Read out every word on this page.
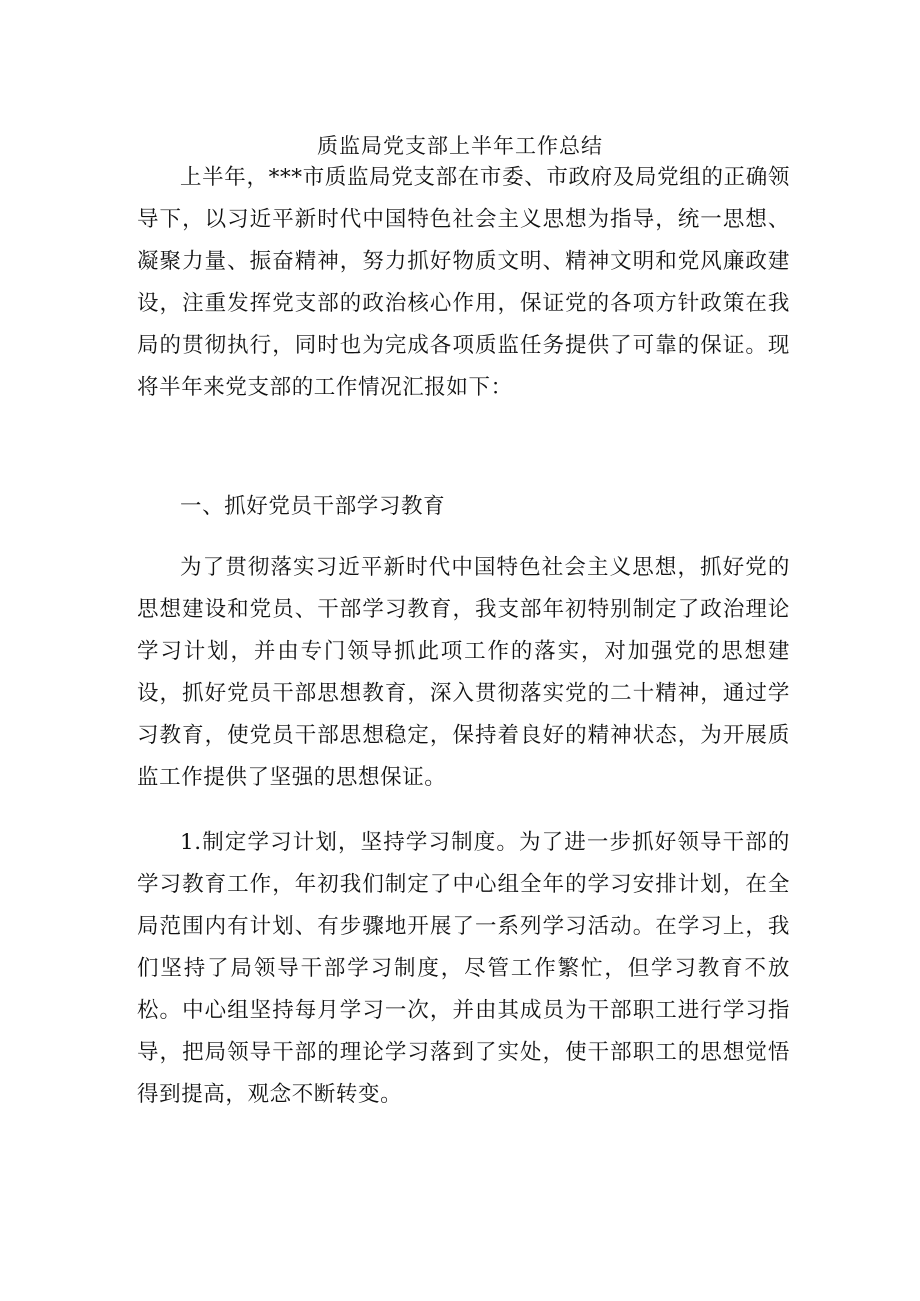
质监局党支部上半年工作总结

上半年，***市质监局党支部在市委、市政府及局党组的正确领导下，以习近平新时代中国特色社会主义思想为指导，统一思想、凝聚力量、振奋精神，努力抓好物质文明、精神文明和党风廉政建设，注重发挥党支部的政治核心作用，保证党的各项方针政策在我局的贯彻执行，同时也为完成各项质监任务提供了可靠的保证。现将半年来党支部的工作情况汇报如下：

一、抓好党员干部学习教育

为了贯彻落实习近平新时代中国特色社会主义思想，抓好党的思想建设和党员、干部学习教育，我支部年初特别制定了政治理论学习计划，并由专门领导抓此项工作的落实，对加强党的思想建设，抓好党员干部思想教育，深入贯彻落实党的二十精神，通过学习教育，使党员干部思想稳定，保持着良好的精神状态，为开展质监工作提供了坚强的思想保证。

1.制定学习计划，坚持学习制度。为了进一步抓好领导干部的学习教育工作，年初我们制定了中心组全年的学习安排计划，在全局范围内有计划、有步骤地开展了一系列学习活动。在学习上，我们坚持了局领导干部学习制度，尽管工作繁忙，但学习教育不放松。中心组坚持每月学习一次，并由其成员为干部职工进行学习指导，把局领导干部的理论学习落到了实处，使干部职工的思想觉悟得到提高，观念不断转变。
